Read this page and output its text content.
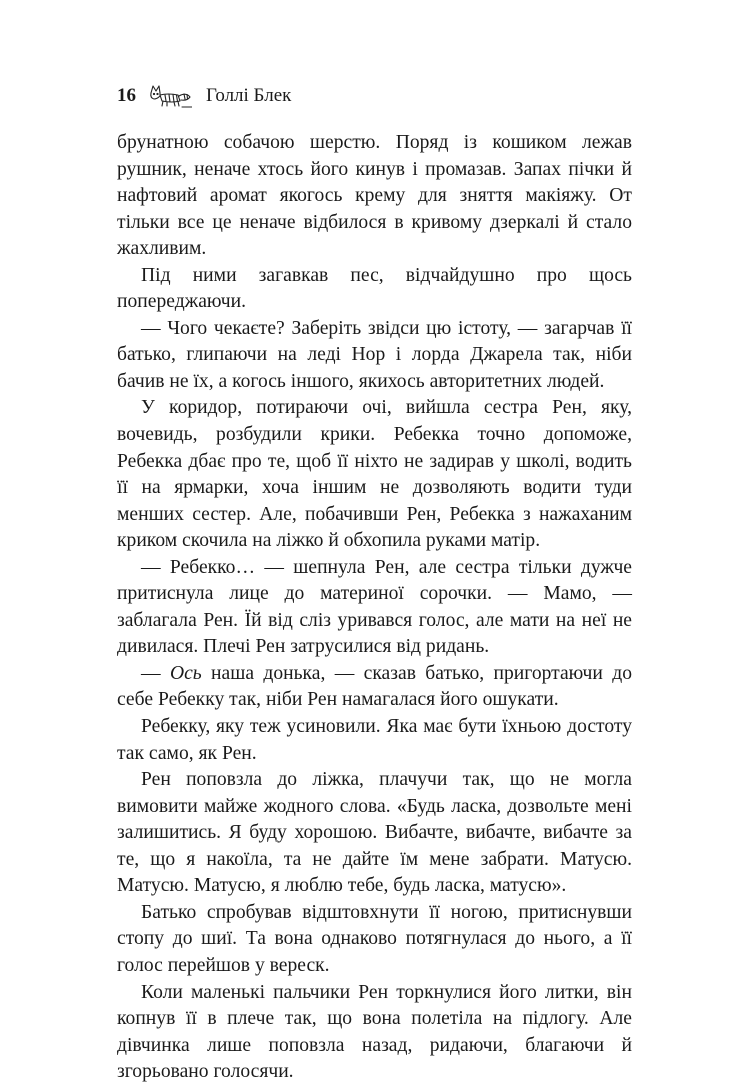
16	Голлі Блек

брунатною собачою шерстю. Поряд із кошиком лежав рушник, неначе хтось його кинув і промазав. Запах пічки й нафтовий аромат якогось крему для зняття макіяжу. От тільки все це неначе відбилося в кривому дзеркалі й стало жахливим.

Під ними загавкав пес, відчайдушно про щось попереджаючи.

— Чого чекаєте? Заберіть звідси цю істоту, — загарчав її батько, глипаючи на леді Нор і лорда Джарела так, ніби бачив не їх, а когось іншого, якихось авторитетних людей.

У коридор, потираючи очі, вийшла сестра Рен, яку, вочевидь, розбудили крики. Ребекка точно допоможе, Ребекка дбає про те, щоб її ніхто не задирав у школі, водить її на ярмарки, хоча іншим не дозволяють водити туди менших сестер. Але, побачивши Рен, Ребекка з нажаханим криком скочила на ліжко й обхопила руками матір.

— Ребекко… — шепнула Рен, але сестра тільки дужче притиснула лице до материної сорочки. — Мамо, — заблагала Рен. Їй від сліз уривався голос, але мати на неї не дивилася. Плечі Рен затрусилися від ридань.

— Ось наша донька, — сказав батько, пригортаючи до себе Ребекку так, ніби Рен намагалася його ошукати.

Ребекку, яку теж усиновили. Яка має бути їхньою достоту так само, як Рен.

Рен поповзла до ліжка, плачучи так, що не могла вимовити майже жодного слова. «Будь ласка, дозвольте мені залишитись. Я буду хорошою. Вибачте, вибачте, вибачте за те, що я накоїла, та не дайте їм мене забрати. Матусю. Матусю. Матусю, я люблю тебе, будь ласка, матусю».

Батько спробував відштовхнути її ногою, притиснувши стопу до шиї. Та вона однаково потягнулася до нього, а її голос перейшов у вереск.

Коли маленькі пальчики Рен торкнулися його литки, він копнув її в плече так, що вона полетіла на підлогу. Але дівчинка лише поповзла назад, ридаючи, благаючи й згорьовано голосячи.
